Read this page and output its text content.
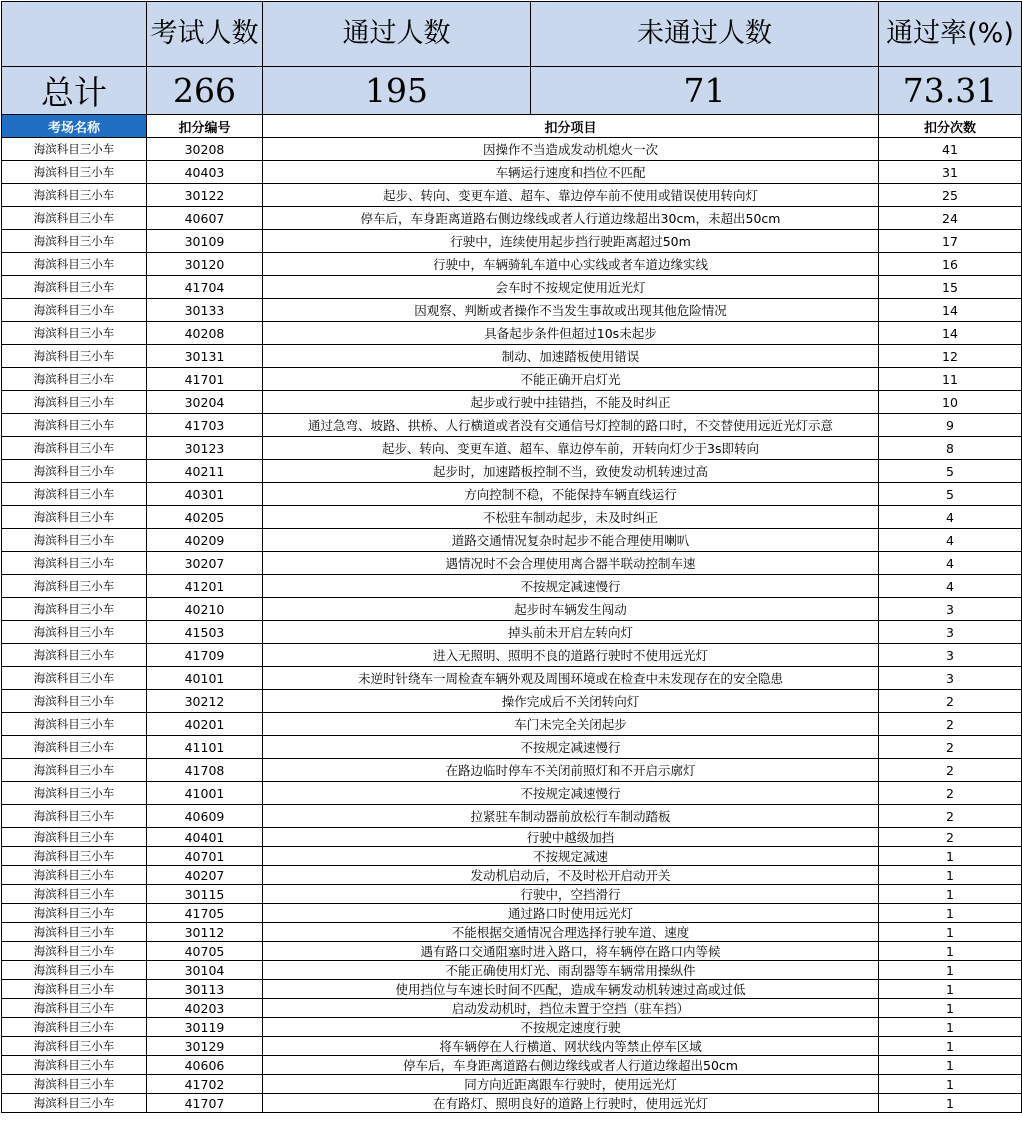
	考试人数	通过人数	未通过人数	通过率(%)
总计	266	195	71	73.31
考场名称	扣分编号	扣分项目		扣分次数
海滨科目三小车	30208	因操作不当造成发动机熄火一次		41
海滨科目三小车	40403	车辆运行速度和挡位不匹配		31
海滨科目三小车	30122	起步、转向、变更车道、超车、靠边停车前不使用或错误使用转向灯		25
海滨科目三小车	40607	停车后，车身距离道路右侧边缘线或者人行道边缘超出30cm，未超出50cm		24
海滨科目三小车	30109	行驶中，连续使用起步挡行驶距离超过50m		17
海滨科目三小车	30120	行驶中，车辆骑轧车道中心实线或者车道边缘实线		16
海滨科目三小车	41704	会车时不按规定使用近光灯		15
海滨科目三小车	30133	因观察、判断或者操作不当发生事故或出现其他危险情况		14
海滨科目三小车	40208	具备起步条件但超过10s未起步		14
海滨科目三小车	30131	制动、加速踏板使用错误		12
海滨科目三小车	41701	不能正确开启灯光		11
海滨科目三小车	30204	起步或行驶中挂错挡，不能及时纠正		10
海滨科目三小车	41703	通过急弯、坡路、拱桥、人行横道或者没有交通信号灯控制的路口时，不交替使用远近光灯示意		9
海滨科目三小车	30123	起步、转向、变更车道、超车、靠边停车前，开转向灯少于3s即转向		8
海滨科目三小车	40211	起步时，加速踏板控制不当，致使发动机转速过高		5
海滨科目三小车	40301	方向控制不稳，不能保持车辆直线运行		5
海滨科目三小车	40205	不松驻车制动起步，未及时纠正		4
海滨科目三小车	40209	道路交通情况复杂时起步不能合理使用喇叭		4
海滨科目三小车	30207	遇情况时不会合理使用离合器半联动控制车速		4
海滨科目三小车	41201	不按规定减速慢行		4
海滨科目三小车	40210	起步时车辆发生闯动		3
海滨科目三小车	41503	掉头前未开启左转向灯		3
海滨科目三小车	41709	进入无照明、照明不良的道路行驶时不使用远光灯		3
海滨科目三小车	40101	未逆时针绕车一周检查车辆外观及周围环境或在检查中未发现存在的安全隐患		3
海滨科目三小车	30212	操作完成后不关闭转向灯		2
海滨科目三小车	40201	车门未完全关闭起步		2
海滨科目三小车	41101	不按规定减速慢行		2
海滨科目三小车	41708	在路边临时停车不关闭前照灯和不开启示廓灯		2
海滨科目三小车	41001	不按规定减速慢行		2
海滨科目三小车	40609	拉紧驻车制动器前放松行车制动踏板		2
海滨科目三小车	40401	行驶中越级加挡		2
海滨科目三小车	40701	不按规定减速		1
海滨科目三小车	40207	发动机启动后，不及时松开启动开关		1
海滨科目三小车	30115	行驶中，空挡滑行		1
海滨科目三小车	41705	通过路口时使用远光灯		1
海滨科目三小车	30112	不能根据交通情况合理选择行驶车道、速度		1
海滨科目三小车	40705	遇有路口交通阻塞时进入路口，将车辆停在路口内等候		1
海滨科目三小车	30104	不能正确使用灯光、雨刮器等车辆常用操纵件		1
海滨科目三小车	30113	使用挡位与车速长时间不匹配，造成车辆发动机转速过高或过低		1
海滨科目三小车	40203	启动发动机时，挡位未置于空挡（驻车挡）		1
海滨科目三小车	30119	不按规定速度行驶		1
海滨科目三小车	30129	将车辆停在人行横道、网状线内等禁止停车区域		1
海滨科目三小车	40606	停车后，车身距离道路右侧边缘线或者人行道边缘超出50cm		1
海滨科目三小车	41702	同方向近距离跟车行驶时，使用远光灯		1
海滨科目三小车	41707	在有路灯、照明良好的道路上行驶时，使用远光灯		1
